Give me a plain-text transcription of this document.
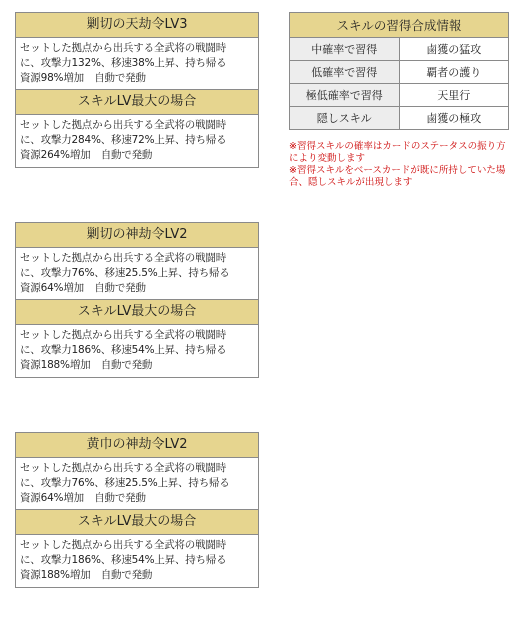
剿切の天劫令LV3
セットした拠点から出兵する全武将の戦闘時
に、攻撃力132%、移速38%上昇、持ち帰る
資源98%増加　自動で発動
スキルLV最大の場合
セットした拠点から出兵する全武将の戦闘時
に、攻撃力284%、移速72%上昇、持ち帰る
資源264%増加　自動で発動
剿切の神劫令LV2
セットした拠点から出兵する全武将の戦闘時
に、攻撃力76%、移速25.5%上昇、持ち帰る
資源64%増加　自動で発動
スキルLV最大の場合
セットした拠点から出兵する全武将の戦闘時
に、攻撃力186%、移速54%上昇、持ち帰る
資源188%増加　自動で発動
黄巾の神劫令LV2
セットした拠点から出兵する全武将の戦闘時
に、攻撃力76%、移速25.5%上昇、持ち帰る
資源64%増加　自動で発動
スキルLV最大の場合
セットした拠点から出兵する全武将の戦闘時
に、攻撃力186%、移速54%上昇、持ち帰る
資源188%増加　自動で発動
スキルの習得合成情報	
中確率で習得	鹵獲の猛攻
低確率で習得	覇者の護り
極低確率で習得	天里行
隠しスキル	鹵獲の極攻
※習得スキルの確率はカードのステータスの振り方
により変動します
※習得スキルをベースカードが既に所持していた場
合、隠しスキルが出現します
